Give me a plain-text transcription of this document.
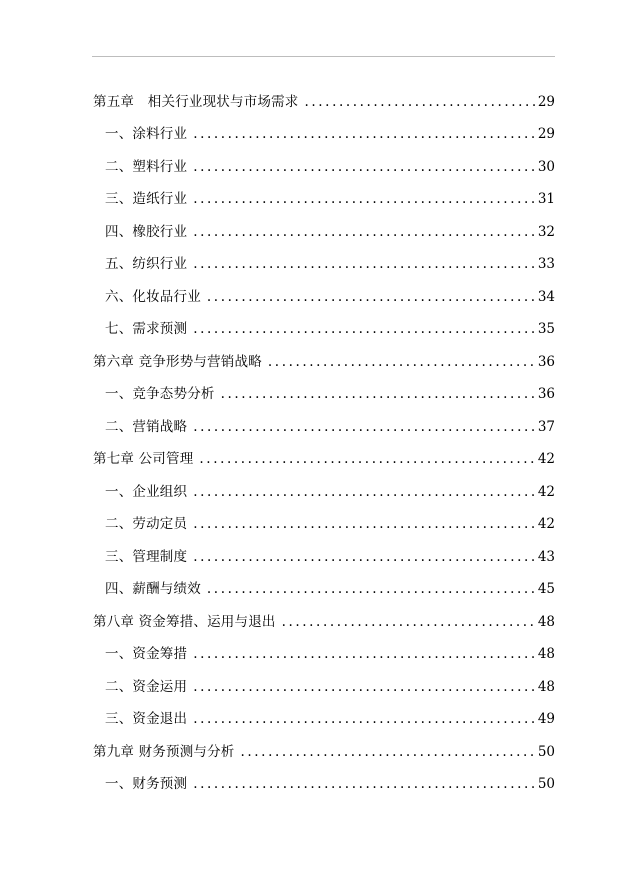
第五章　相关行业现状与市场需求 .....	29
一、涂料行业 .....	29
二、塑料行业 .....	30
三、造纸行业 .....	31
四、橡胶行业 .....	32
五、纺织行业 .....	33
六、化妆品行业 .....	34
七、需求预测 .....	35
第六章 竞争形势与营销战略 .....	36
一、竞争态势分析 .....	36
二、营销战略 .....	37
第七章 公司管理 .....	42
一、企业组织 .....	42
二、劳动定员 .....	42
三、管理制度 .....	43
四、薪酬与绩效 .....	45
第八章 资金筹措、运用与退出 .....	48
一、资金筹措 .....	48
二、资金运用 .....	48
三、资金退出 .....	49
第九章 财务预测与分析 .....	50
一、财务预测 .....	50
